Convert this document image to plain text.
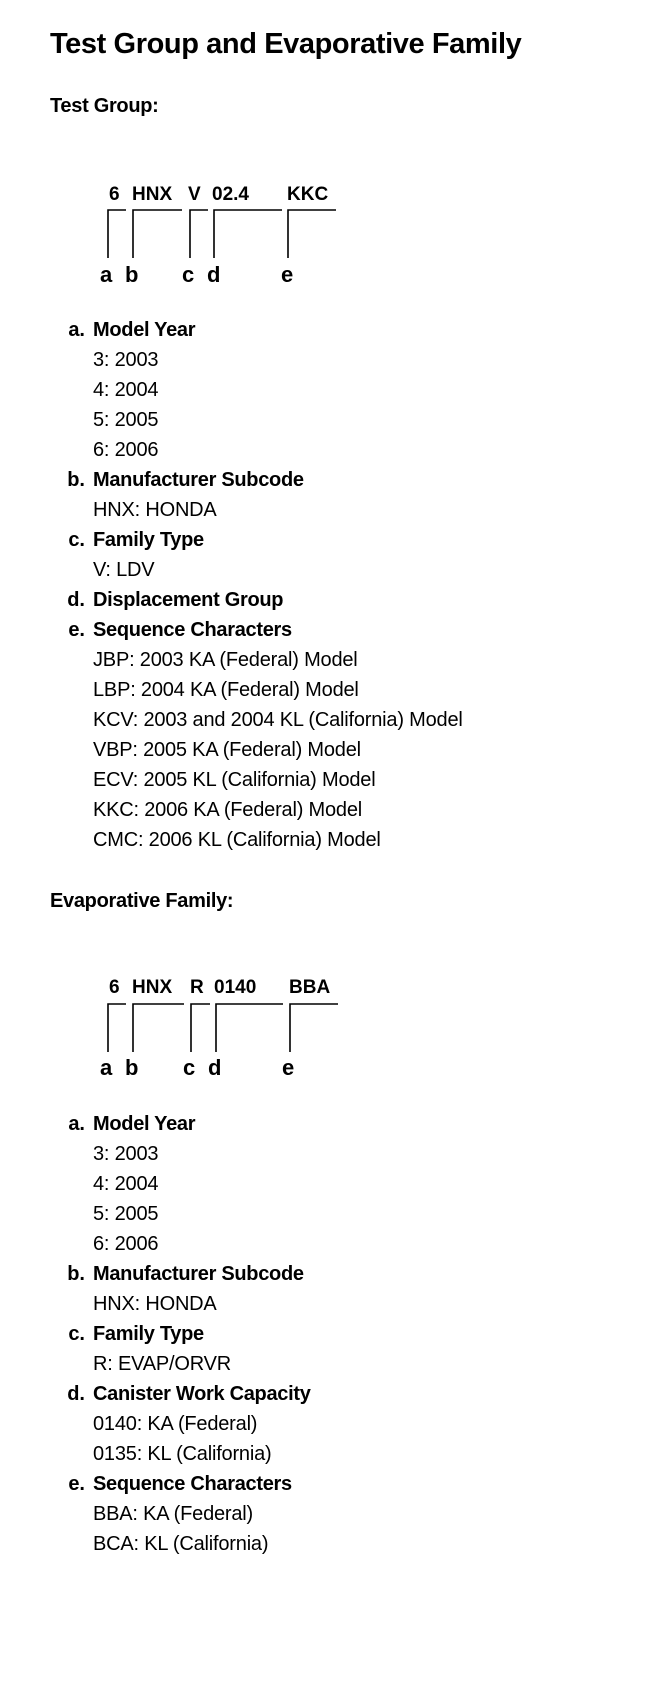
Test Group and Evaporative Family
Test Group:
6 HNX V 02.4 KKC
a b c d	e
a. Model Year
3: 2003
4: 2004
5: 2005
6: 2006
b. Manufacturer Subcode
HNX: HONDA
c. Family Type
V: LDV
d. Displacement Group
e. Sequence Characters
JBP: 2003 KA (Federal) Model
LBP: 2004 KA (Federal) Model
KCV: 2003 and 2004 KL (California) Model
VBP: 2005 KA (Federal) Model
ECV: 2005 KL (California) Model
KKC: 2006 KA (Federal) Model
CMC: 2006 KL (California) Model
Evaporative Family:
6 HNX R 0140 BBA
a b c d	e
a. Model Year
3: 2003
4: 2004
5: 2005
6: 2006
b. Manufacturer Subcode
HNX: HONDA
c. Family Type
R: EVAP/ORVR
d. Canister Work Capacity
0140: KA (Federal)
0135: KL (California)
e. Sequence Characters
BBA: KA (Federal)
BCA: KL (California)
